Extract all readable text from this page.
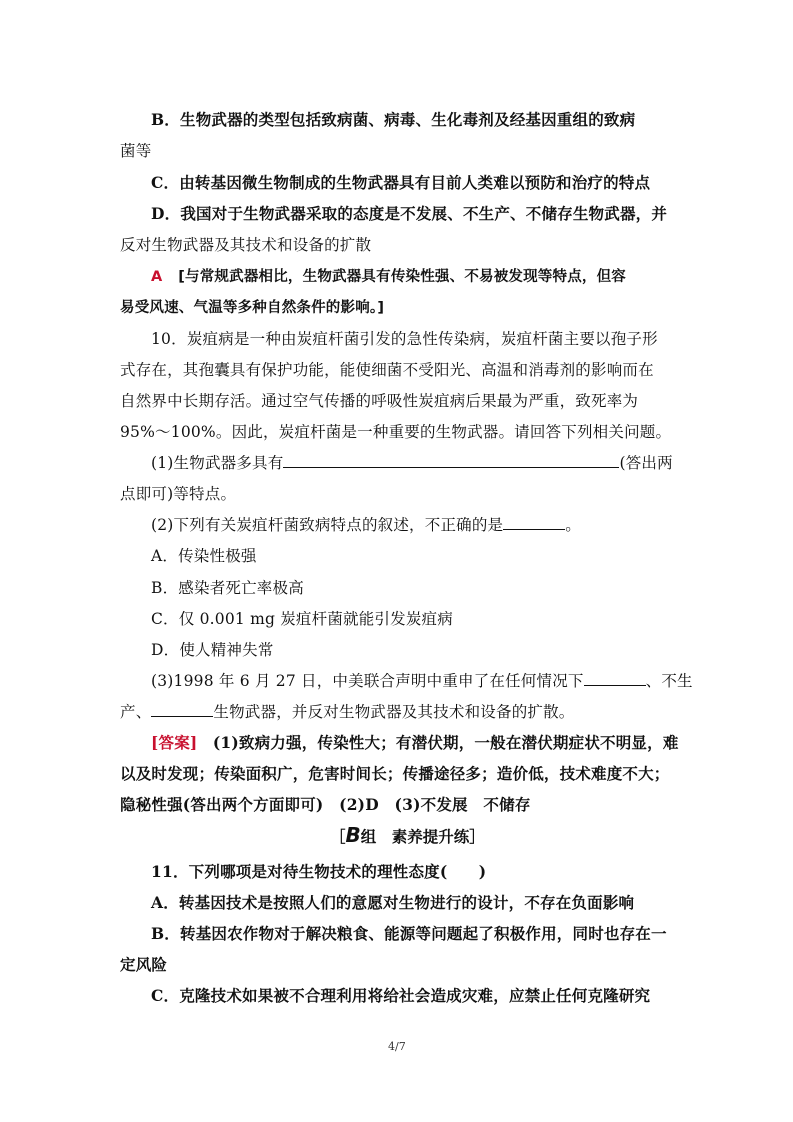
B．生物武器的类型包括致病菌、病毒、生化毒剂及经基因重组的致病
菌等
C．由转基因微生物制成的生物武器具有目前人类难以预防和治疗的特点
D．我国对于生物武器采取的态度是不发展、不生产、不储存生物武器，并
反对生物武器及其技术和设备的扩散
A [与常规武器相比，生物武器具有传染性强、不易被发现等特点，但容
易受风速、气温等多种自然条件的影响。]
10．炭疽病是一种由炭疽杆菌引发的急性传染病，炭疽杆菌主要以孢子形
式存在，其孢囊具有保护功能，能使细菌不受阳光、高温和消毒剂的影响而在
自然界中长期存活。通过空气传播的呼吸性炭疽病后果最为严重，致死率为
95%～100%。因此，炭疽杆菌是一种重要的生物武器。请回答下列相关问题。
(1)生物武器多具有	(答出两
点即可)等特点。
(2)下列有关炭疽杆菌致病特点的叙述，不正确的是	。
A．传染性极强
B．感染者死亡率极高
C．仅 0.001 mg 炭疽杆菌就能引发炭疽病
D．使人精神失常
(3)1998 年 6 月 27 日，中美联合声明中重申了在任何情况下	、不生
产、	生物武器，并反对生物武器及其技术和设备的扩散。
[答案] (1)致病力强，传染性大；有潜伏期，一般在潜伏期症状不明显，难
以及时发现；传染面积广，危害时间长；传播途径多；造价低，技术难度不大；
隐秘性强(答出两个方面即可)　(2)D　(3)不发展　不储存
［B组　素养提升练］
11．下列哪项是对待生物技术的理性态度(　　)
A．转基因技术是按照人们的意愿对生物进行的设计，不存在负面影响
B．转基因农作物对于解决粮食、能源等问题起了积极作用，同时也存在一
定风险
C．克隆技术如果被不合理利用将给社会造成灾难，应禁止任何克隆研究
4/7
